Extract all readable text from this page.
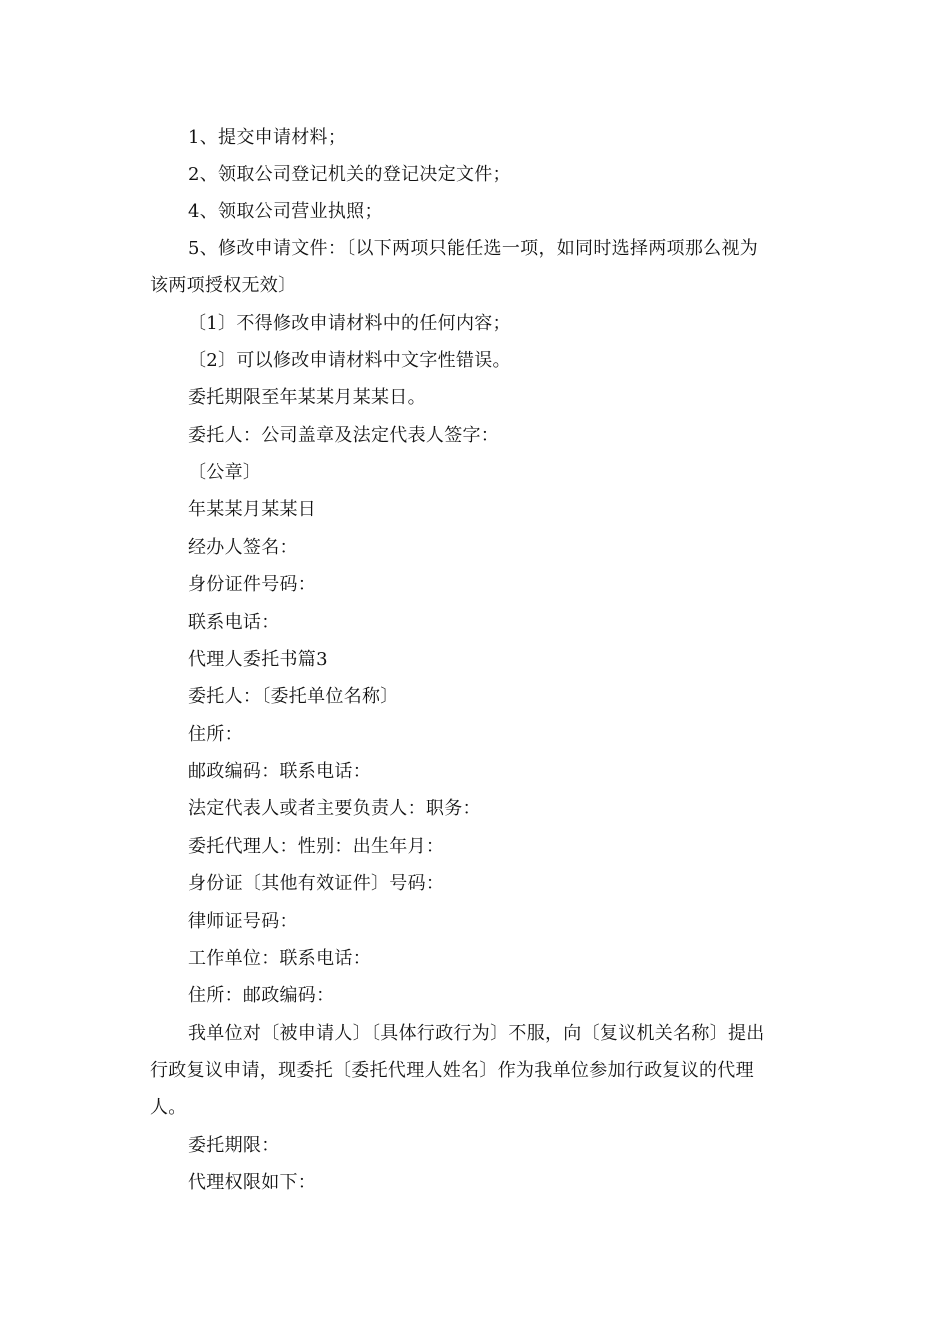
1、提交申请材料；
2、领取公司登记机关的登记决定文件；
4、领取公司营业执照；
5、修改申请文件：〔以下两项只能任选一项，如同时选择两项那么视为
该两项授权无效〕
〔1〕不得修改申请材料中的任何内容；
〔2〕可以修改申请材料中文字性错误。
委托期限至年某某月某某日。
委托人：公司盖章及法定代表人签字：
〔公章〕
年某某月某某日
经办人签名：
身份证件号码：
联系电话：
代理人委托书篇3
委托人：〔委托单位名称〕
住所：
邮政编码：联系电话：
法定代表人或者主要负责人：职务：
委托代理人：性别：出生年月：
身份证〔其他有效证件〕号码：
律师证号码：
工作单位：联系电话：
住所：邮政编码：
我单位对〔被申请人〕〔具体行政行为〕不服，向〔复议机关名称〕提出
行政复议申请，现委托〔委托代理人姓名〕作为我单位参加行政复议的代理
人。
委托期限：
代理权限如下：
